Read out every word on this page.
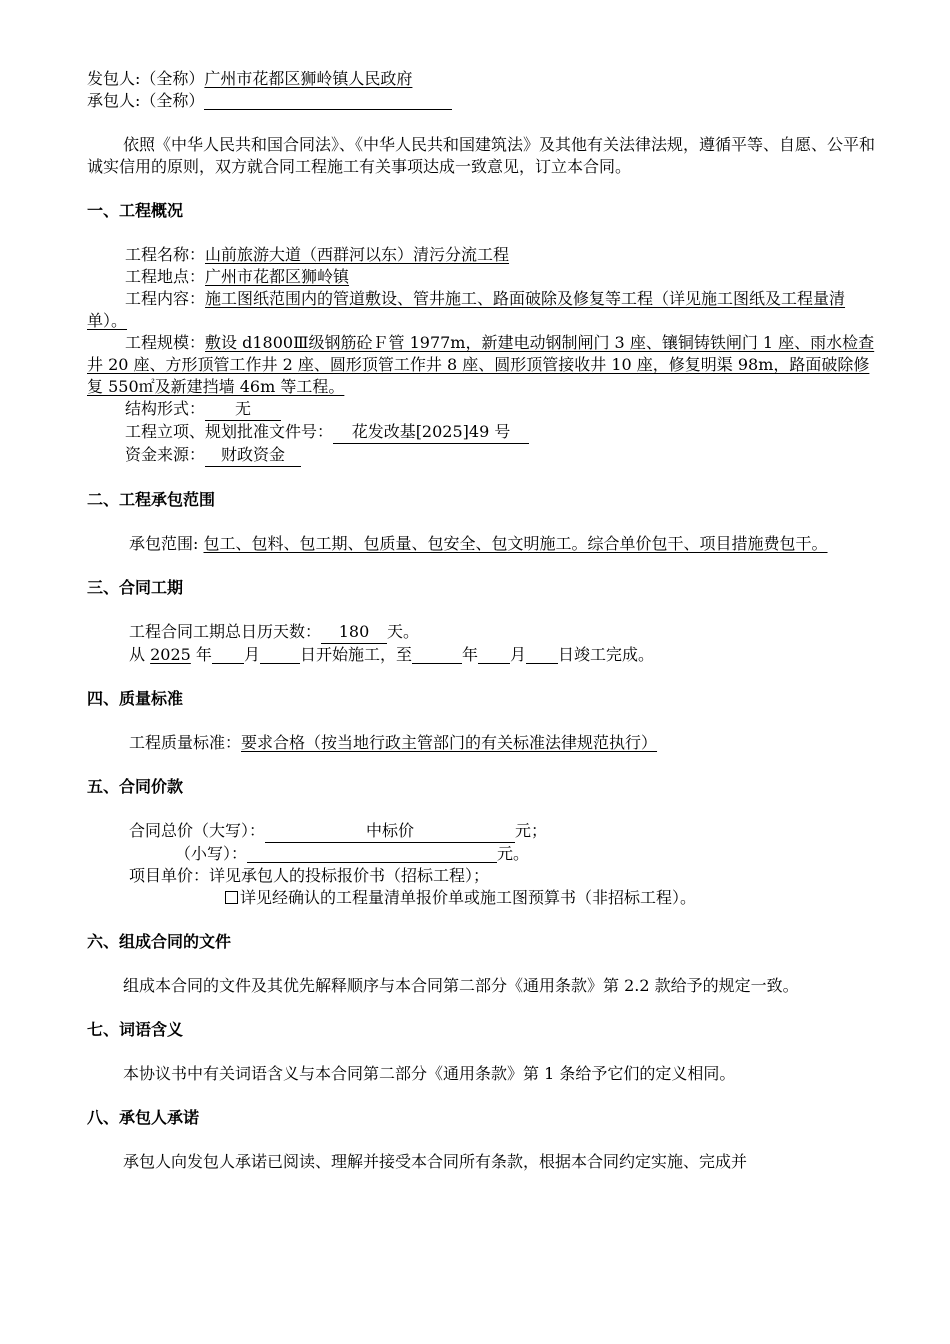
发包人:（全称）广州市花都区狮岭镇人民政府
承包人:（全称）
依照《中华人民共和国合同法》、《中华人民共和国建筑法》及其他有关法律法规，遵循平等、自愿、公平和诚实信用的原则，双方就合同工程施工有关事项达成一致意见，订立本合同。
一、工程概况
工程名称：山前旅游大道（西群河以东）清污分流工程
工程地点：广州市花都区狮岭镇
工程内容：施工图纸范围内的管道敷设、管井施工、路面破除及修复等工程（详见施工图纸及工程量清单）。
工程规模：敷设 d1800Ⅲ级钢筋砼Ｆ管 1977m，新建电动钢制闸门 3 座、镶铜铸铁闸门 1 座、雨水检查井 20 座、方形顶管工作井 2 座、圆形顶管工作井 8 座、圆形顶管接收井 10 座，修复明渠 98m，路面破除修复 550㎡及新建挡墙 46m 等工程。
结构形式： 无
工程立项、规划批准文件号： 花发改基[2025]49 号
资金来源： 财政资金
二、工程承包范围
承包范围: 包工、包料、包工期、包质量、包安全、包文明施工。综合单价包干、项目措施费包干。
三、合同工期
工程合同工期总日历天数： 180 天。
从 2025 年 月	日开始施工，至	年 月 日竣工完成。
四、质量标准
工程质量标准：要求合格（按当地行政主管部门的有关标准法律规范执行）
五、合同价款
合同总价（大写）：	中标价	元；
（小写）：	元。
项目单价：详见承包人的投标报价书（招标工程）；
详见经确认的工程量清单报价单或施工图预算书（非招标工程）。
六、组成合同的文件
组成本合同的文件及其优先解释顺序与本合同第二部分《通用条款》第 2.2 款给予的规定一致。
七、词语含义
本协议书中有关词语含义与本合同第二部分《通用条款》第 1 条给予它们的定义相同。
八、承包人承诺
承包人向发包人承诺已阅读、理解并接受本合同所有条款，根据本合同约定实施、完成并
